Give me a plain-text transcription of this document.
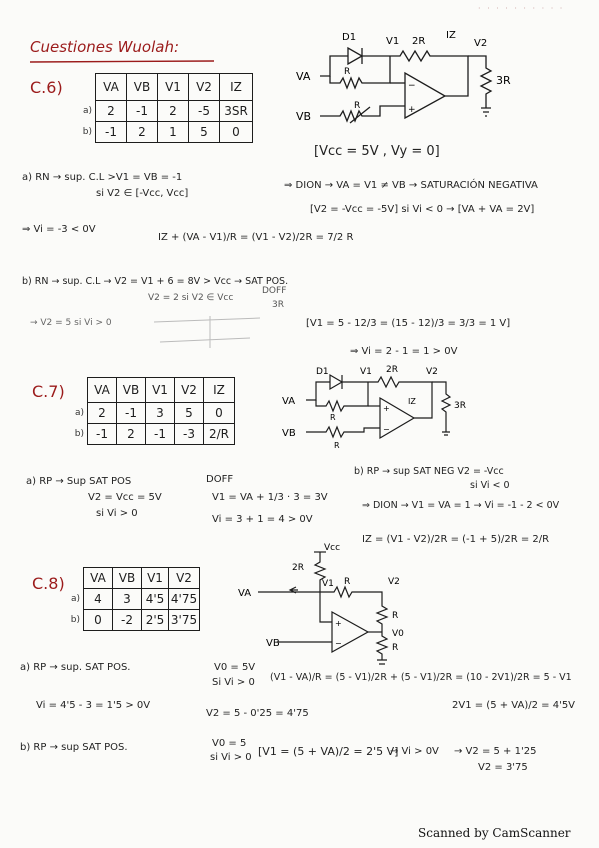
· · · · · · · · · ·
Cuestiones Wuolah:
C.6)
		VA	VB	V1	V2	IZ
a)	2	-1	2	-5	3SR
b)	-1	2	1	5	0
−
+
D1	V1 2R
IZ
V2
3R
VA
VB
R
R
[Vcc = 5V , Vy = 0]
a) RN → sup. C.L >V1 = VB = -1
si V2 ∈ [-Vcc, Vcc]
⇒ DION → VA = V1 ≠ VB → SATURACIÓN NEGATIVA
[V2 = -Vcc = -5V] si Vi < 0 → [VA + VA = 2V]
⇒ Vi = -3 < 0V
IZ + (VA - V1)/R = (V1 - V2)/2R = 7/2 R
b) RN → sup. C.L → V2 = V1 + 6 = 8V > Vcc → SAT POS.
V2 = 2 si V2 ∈ Vcc
DOFF
3R
→ V2 = 5 si Vi > 0	[V1 = 5 - 12/3 = (15 - 12)/3 = 3/3 = 1 V]
⇒ Vi = 2 - 1 = 1 > 0V
C.7)
	VA	VB	V1	V2	IZ
a)	2	-1	3	5	0
b)	-1	2	-1	-3	2/R
+
−
D1	V1 2R	V2
IZ	3R
VA
VB
R
R
a) RP → Sup SAT POS
V2 = Vcc = 5V
si Vi > 0
DOFF
V1 = VA + 1/3 · 3 = 3V
Vi = 3 + 1 = 4 > 0V
b) RP → sup SAT NEG V2 = -Vcc
si Vi < 0
⇒ DION → V1 = VA = 1 → Vi = -1 - 2 < 0V
IZ = (V1 - V2)/2R = (-1 + 5)/2R = 2/R
C.8)
	VA	VB	V1	V2
a)	4	3	4'5	4'75
b)	0	-2	2'5	3'75	+
−
Vcc
2R
V1 R	V2
VA
VB
R
V0
R
a) RP → sup. SAT POS.	V0 = 5V
Si Vi > 0 (V1 - VA)/R = (5 - V1)/2R + (5 - V1)/2R = (10 - 2V1)/2R = 5 - V1
2V1 = (5 + VA)/2 = 4'5V
Vi = 4'5 - 3 = 1'5 > 0V
V2 = 5 - 0'25 = 4'75
b) RP → sup SAT POS.	V0 = 5
si Vi > 0 [V1 = (5 + VA)/2 = 2'5 V]
→ Vi > 0V → V2 = 5 + 1'25
V2 = 3'75
Scanned by CamScanner
